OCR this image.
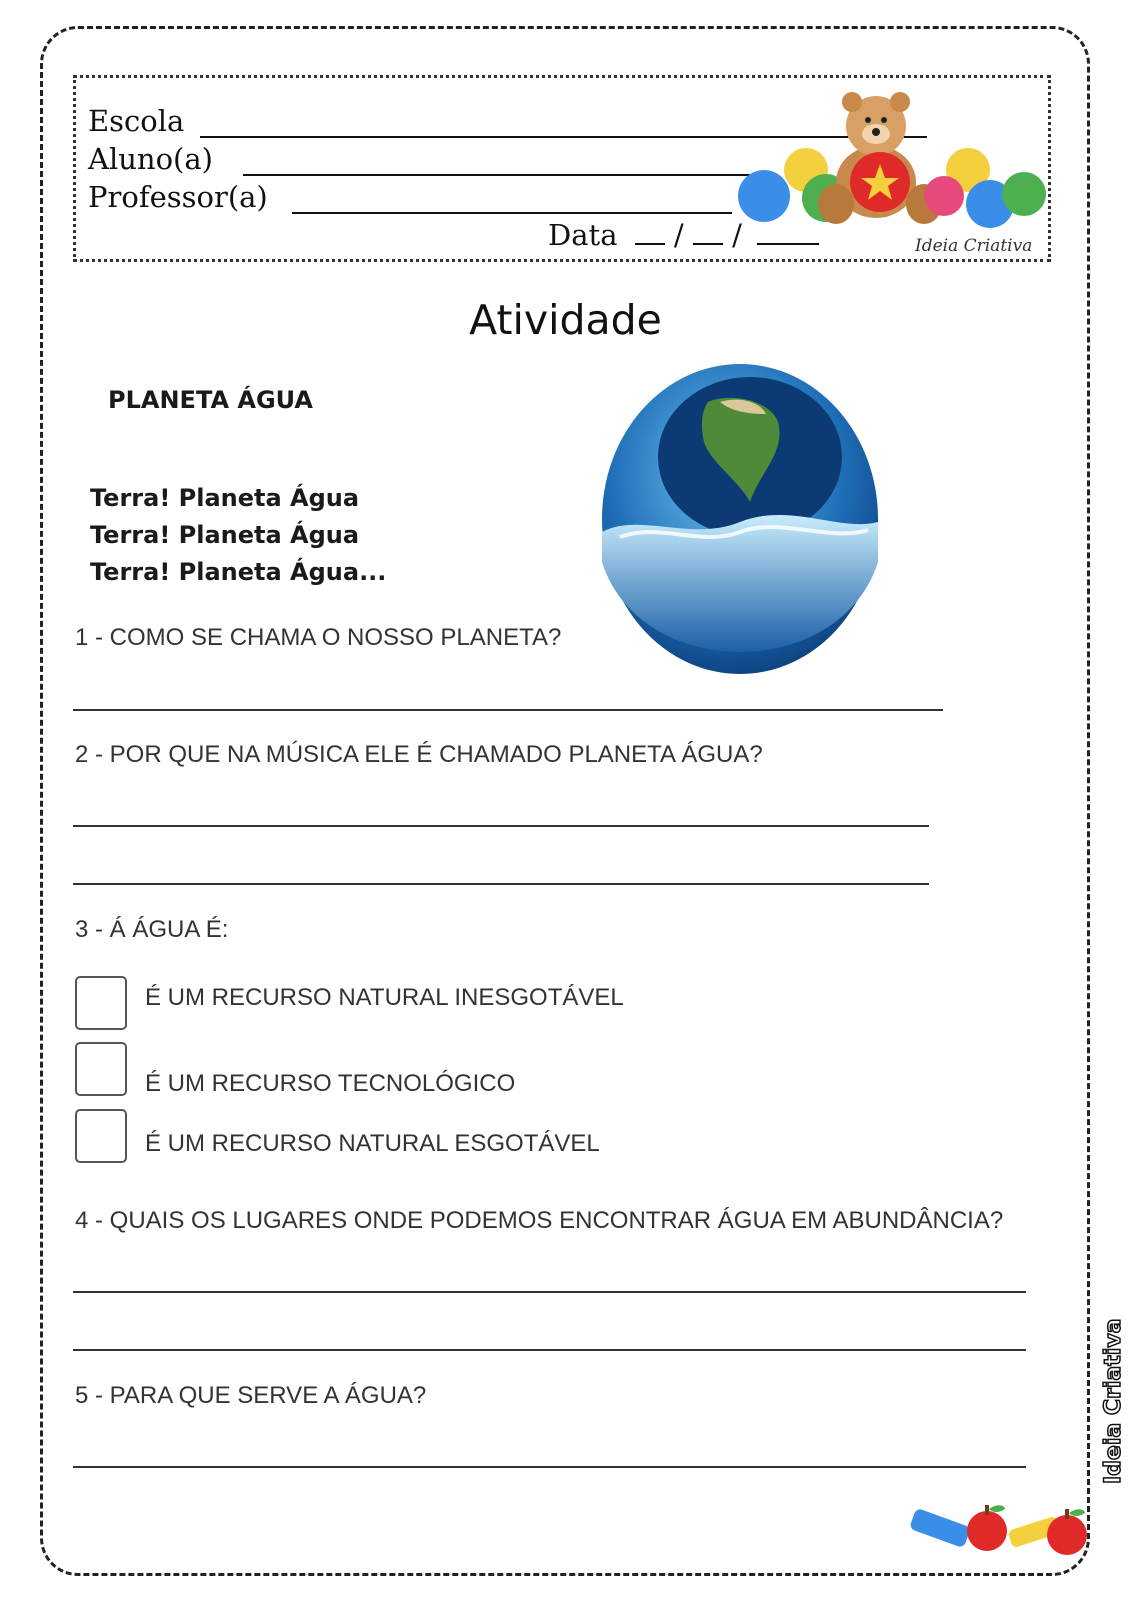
Escola
Aluno(a)
Professor(a)
Data / /	Ideia Criativa
Atividade
PLANETA ÁGUA
Terra! Planeta Água
Terra! Planeta Água
Terra! Planeta Água...
1 - COMO SE CHAMA O NOSSO PLANETA?
2 - POR QUE NA MÚSICA ELE É CHAMADO PLANETA ÁGUA?
3 - Á ÁGUA É:
É UM RECURSO NATURAL INESGOTÁVEL
É UM RECURSO TECNOLÓGICO
É UM RECURSO NATURAL ESGOTÁVEL
4 - QUAIS OS LUGARES ONDE PODEMOS ENCONTRAR ÁGUA EM ABUNDÂNCIA?
5 - PARA QUE SERVE A ÁGUA?	Ideia Criativa
